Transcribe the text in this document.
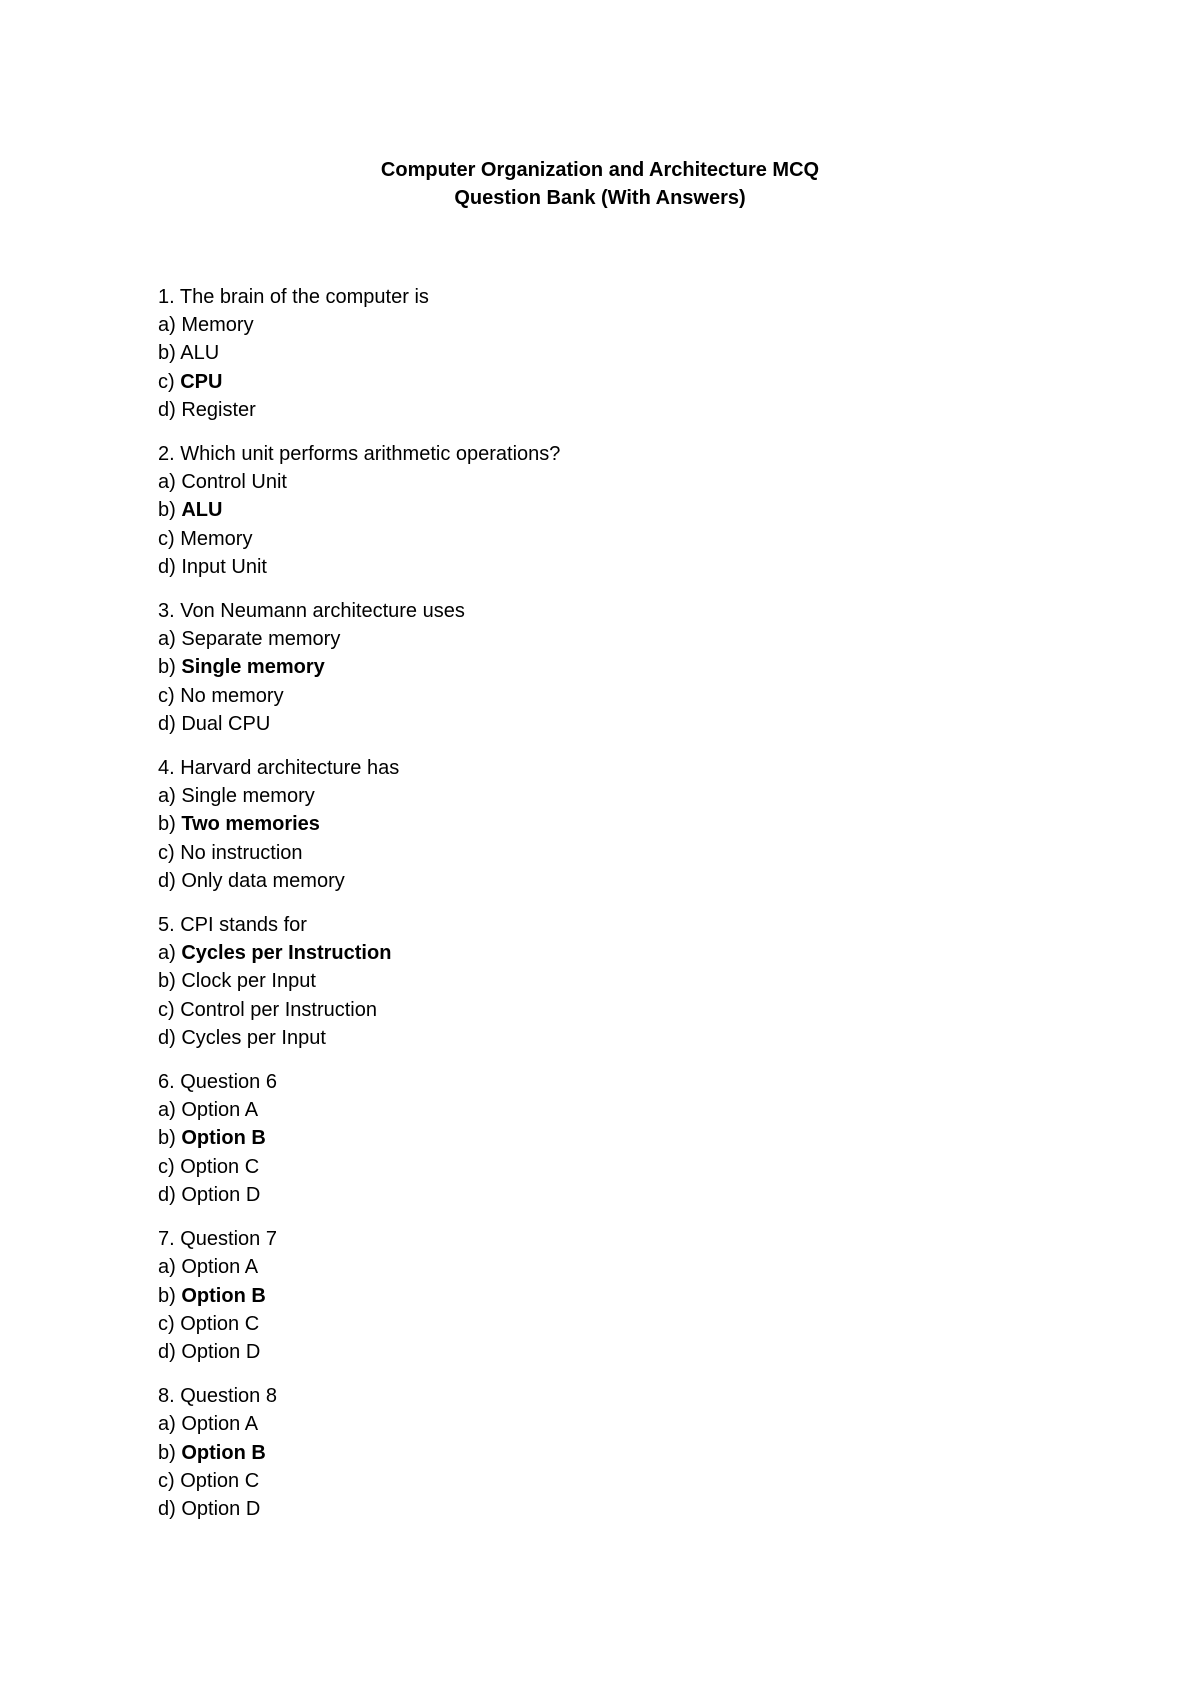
Computer Organization and Architecture MCQ
Question Bank (With Answers)
1. The brain of the computer is
a) Memory
b) ALU
c) CPU
d) Register
2. Which unit performs arithmetic operations?
a) Control Unit
b) ALU
c) Memory
d) Input Unit
3. Von Neumann architecture uses
a) Separate memory
b) Single memory
c) No memory
d) Dual CPU
4. Harvard architecture has
a) Single memory
b) Two memories
c) No instruction
d) Only data memory
5. CPI stands for
a) Cycles per Instruction
b) Clock per Input
c) Control per Instruction
d) Cycles per Input
6. Question 6
a) Option A
b) Option B
c) Option C
d) Option D
7. Question 7
a) Option A
b) Option B
c) Option C
d) Option D
8. Question 8
a) Option A
b) Option B
c) Option C
d) Option D
